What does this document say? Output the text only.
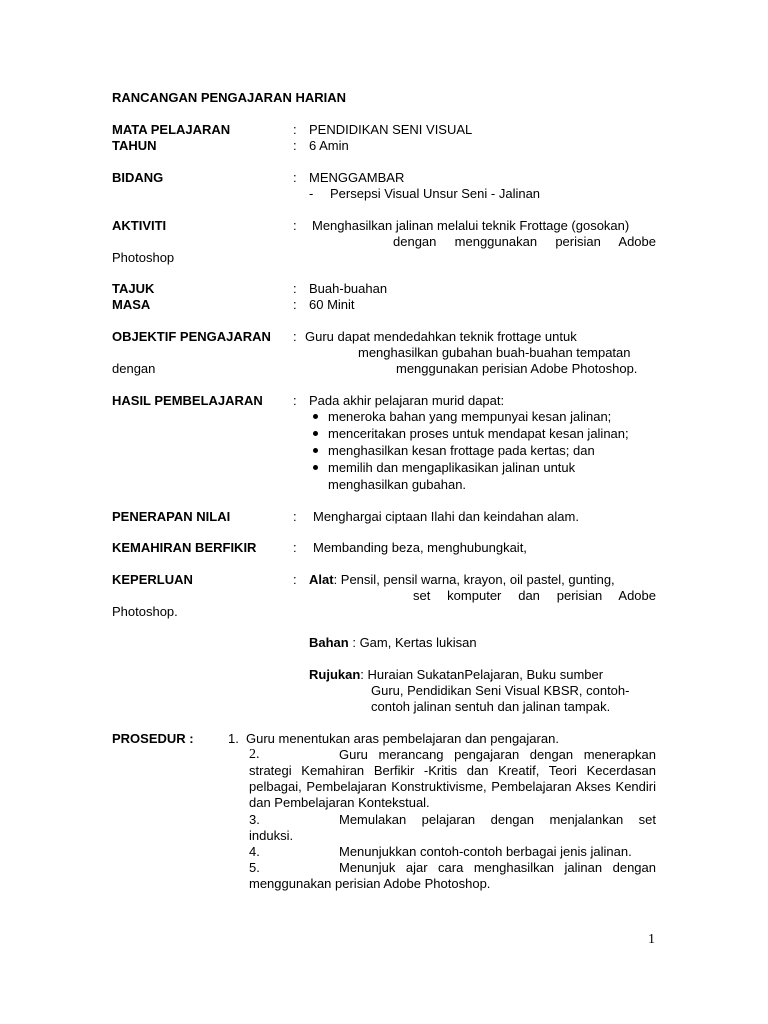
RANCANGAN PENGAJARAN HARIAN
MATA PELAJARAN	: PENDIDIKAN SENI VISUAL
TAHUN	: 6 Amin
BIDANG	: MENGGAMBAR
- Persepsi Visual Unsur Seni - Jalinan
AKTIVITI	: Menghasilkan jalinan melalui teknik Frottage (gosokan)
dengan menggunakan perisian Adobe
Photoshop
TAJUK	: Buah-buahan
MASA	: 60 Minit
OBJEKTIF PENGAJARAN : Guru dapat mendedahkan teknik frottage untuk
menghasilkan gubahan buah-buahan tempatan
dengan	menggunakan perisian Adobe Photoshop.
HASIL PEMBELAJARAN : Pada akhir pelajaran murid dapat:
meneroka bahan yang mempunyai kesan jalinan;
menceritakan proses untuk mendapat kesan jalinan;
menghasilkan kesan frottage pada kertas; dan
memilih dan mengaplikasikan jalinan untuk
menghasilkan gubahan.
PENERAPAN NILAI	: Menghargai ciptaan Ilahi dan keindahan alam.
KEMAHIRAN BERFIKIR	: Membanding beza, menghubungkait,
KEPERLUAN	: Alat: Pensil, pensil warna, krayon, oil pastel, gunting,
set komputer dan perisian Adobe
Photoshop.
Bahan : Gam, Kertas lukisan
Rujukan: Huraian SukatanPelajaran, Buku sumber
Guru, Pendidikan Seni Visual KBSR, contoh-
contoh jalinan sentuh dan jalinan tampak.
PROSEDUR :	1. Guru menentukan aras pembelajaran dan pengajaran.
2.	Guru merancang pengajaran dengan menerapkan
strategi Kemahiran Berfikir -Kritis dan Kreatif, Teori Kecerdasan pelbagai, Pembelajaran Konstruktivisme, Pembelajaran Akses Kendiri dan Pembelajaran Kontekstual.
3.	Memulakan pelajaran dengan menjalankan set
induksi.
4.	Menunjukkan contoh-contoh berbagai jenis jalinan.
5.	Menunjuk ajar cara menghasilkan jalinan dengan
menggunakan perisian Adobe Photoshop.
1
